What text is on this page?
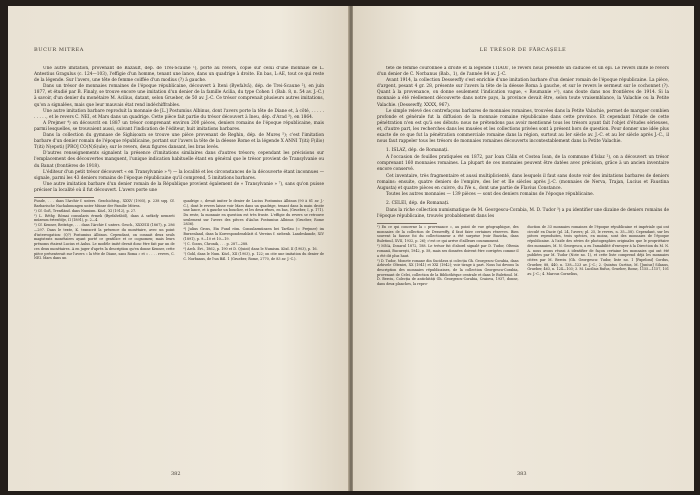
BUCUR MITREA

Une autre imitation, provenant de Bazault, dép. de Trei-Scaune ¹), porte au revers, copié sur celui d'une monnaie de L. Antestius Gragulus (c. 124—103), l'effigie d'un homme, tenant une lance, dans un quadrige à droite. En bas, L·AE, tout ce qui reste de la légende. Sur l'avers, une tête de femme coiffée d'un modius (?) à gauche.

Dans un trésor de monnaies romaines de l'époque républicaine, découvert à Iteni (Byefalvă), dép. de Trei-Scaune ²), en juin 1877, et étudié par B. Finaly, se trouve encore une imitation d'un denier de la famille Acilia, du type Cohen 1 (Bab. 8, n. 54 av. J.-C.) à savoir, d'un denier du monétaire M. Acilius, datant, selon Grueber, de 50 av. J.-C. Ce trésor comprenait plusieurs autres imitations, qu'on a signalées, mais que leur mauvais état rend indéchiffrables.

Une autre imitation barbare reproduit la monnaie de [L.] Postumius Albinus, dont l'avers porte la tête de Diane et, à côté, . . . . . . . . . ., et le revers C. NEI, et Mars dans un quadrige. Cette pièce fait partie du trésor découvert à Ineu, dép. d'Arad ³), en 1864.

A Prejmer ⁴) on découvrit en 1887 un trésor comprenant environ 200 pièces, deniers romains de l'époque républicaine, mais parmi lesquelles, se trouvaient aussi, suivant l'indication de l'éditeur, huit imitations barbares.

Dans la collection du gymnase de Sighișoara se trouve une pièce provenant de Reghin, dép. de Mureș ⁵); c'est l'imitation barbare d'un denier romain de l'époque républicaine, portant sur l'avers la tête de la déesse Rome et la légende X ANNI T(iti) F(ilio) T(iti) N(epoti) [PRO] CO(N)S(ule); sur le revers, deux figures dansant, les bras levés.

D'autres renseignements signalent la présence d'imitations similaires dans d'autres trésors; cependant les précisions sur l'emplacement des découvertes manquent, l'unique indication habituelle étant en général que le trésor provient de Transylvanie ou du Banat (frontières de 1918).

L'éditeur d'un petit trésor découvert « en Transylvanie » ⁶) — la localité et les circonstances de la découverte étant inconnues — signale, parmi les 43 deniers romains de l'époque républicaine qu'il comprend, 5 imitations barbares.

Une autre imitation barbare d'un denier romain de la République provient également de « Transylvanie » ⁷), sans qu'on puisse préciser la localité où il fut découvert. L'avers porte une

Funde, . . . dans l'Archiv f. unters. Geschichtsg., XXXV (1905), p. 238 sqq. Cf. Barbarische Nachahmungen unter Münze der Familie Mitrea.

¹) Cf. Goß, Trentländ. dans Numism. Közl., XI (1912), p. 27.

²) L. Réthy, Római consularis érmek (Byefalvából), dans A székely nemzeti múzeum értesítője, II (1891), p. 2—4.

³) Cf. Kenner, Beiträge, . . . dans l'Archiv f. unters. Gesch., XXXVIII (1867), p. 286—297. Dans le texte, K. transcrit la présence du monétaire, avec un point d'interrogation: (Q?) Postumius Albinus. Cependant, on connait deux seuls magistrats monétaires ayant porté ce gentilice et ce cognomen; mais leurs prénoms étaient Lucius et Aulus. Le modèle imité devait donc être fait par un de ces deux monétaires. A en juger d'après la description qu'en donne Kenner, cette pièce présenterait sur l'avers « la tête de Diane, sans Roma » et « . . . . revers, C. NEI. Mars dans un

quadrige », devait imiter le denier de Lucius Postumius Albinus (90 à 81 av. J.-C.), dont le revers laisse voir Mars dans un quadrige, tenant dans la main droite une lance, et à gauche un bouclier, et les deux rênes, en bas, (Grueber, I, p. 171). Du reste, la monnaie en question est très fruste. L'effigie du revers se retrouve seulement sur l'avers des pièces d'Aulus Postumius Albinus (Grueber, Rome 2836).

⁴) Julius Gross, Ein Fund röm. Consularmünzen bei Tartlau (= Prejmer) im Burzenland, dans la Korrespondenzblatt d. Vereins f. siebenb. Landeskunde, XIV (1891), p. 9—10 et 10—19.

⁵) C. Gooss, Chronik, . . . p. 287—288.

⁶) Arch. Ért., 1862, p. 190 et D. Q(uint) dans le Numism. Közl. II (1903), p. 16.

⁷) Gohl, dans le Num. Közl., XII (1903), p. 122; on cite une imitation du denier de C. Norbanus, de l'un Bâl. 1 (Grueber, Rome, 2770, de 83 av. J.-C.).

382
LE TRÉSOR DE FĂRCAȘELE

tête de femme couronnée à droite et la légende ΓΠΑΟΓ, le revers nous présente un caducée et un épi. Le revers imite le revers d'un denier de C. Norbanus (Bab., 1), de l'année 84 av. J.-C.

Avant 1914, la collection Dessewffy s'est enrichie d'une imitation barbare d'un denier romain de l'époque républicaine. La pièce, d'argent, pesant 4 gr. 28, présente sur l'avers la tête de la déesse Roma à gauche, et sur le revers le sermeut sur le cochonnet (?). Quant à la provenance, on donne seulement l'indication vague, « Roumanie »¹), sans doute dans nos frontières de 1914. Si la monnaie a été réellement découverte dans notre pays, la province devait être, selon toute vraisemblance, la Valachie ou la Petite Valachie. (Dessewffy, XXXX, 967).

Le simple relevé des contrefaçons barbares de monnaies romaines, trouvées dans la Petite Valachie, permet de marquer combien profonde et générale fut la diffusion de la monnaie romaine républicaine dans cette province. Et cependant l'étude de cette pénétration n'en est qu'à ses débuts: nous ne prétendons pas avoir mentionné tous les trésors ayant fait l'objet d'études sérieuses, et, d'autre part, les recherches dans les musées et les collections privées sont à présent hors de question. Pour donner une idée plus exacte de ce que fut la pénétration commerciale romaine dans la région, surtout au Ier siècle av. J.-C. et au Ier siècle après J.-C., il nous faut rappeler tous les trésors de monnaies romaines découverts incontestablement dans la Petite Valachie.

1. ISLAZ, dép. de Romanați.

A l'occasion de fouilles pratiquées en 1872, par Ioan Câlin et Costea Ioan, de la commune d'Islaz ²), on a découvert un trésor comprenant 160 monnaies romaines. La plupart de ces monnaies peuvent être datées avec précision, grâce à un ancien inventaire encore conservé.

Cet inventaire, très fragmentaire et aussi multiplicienté, dans lesquels il faut sans doute voir des imitations barbares de deniers romains: ensuite, quatre deniers de l'empire, des Ier et IIe siècles après J.-C. (monnaies de Nerva, Trajan, Lucius et Faustina Augusta) et quatre pièces en cuivre, du IVe s., dont une partie de Flavius Constance.

Toutes les autres monnaies — 139 pièces — sont des deniers romains de l'époque républicaine.

2. CELEI, dép. de Romanați.

Dans la riche collection numismatique de M. Georgescu-Corabia, M. D. Tudor ³) a pu identifier une dizaine de deniers romains de l'époque républicaine, trouvés probablement dans les

¹) En ce qui concerne la « provenance », au point de vue géographique, des monnaies de la collection de Dessewffy, il faut faire certaines réserves. Bien souvent la fausse foi du collectionneur a été surprise (voir Buzicka, dans Buletinul, XVII, 1932, p. 26); c'est ce qui arrive d'ailleurs couramment.

²) MNA, Dosarul 1872, 188. Le trésor fut d'abord signalé par D. Tudor, Oltenia romană, Bucureşti, 1942, p. 58, mais ses données doivent être corrigées comme il a été dit plus haut.

³) D. Tudor, Monete romane din Sucidava și colecția Gh. Georgescu-Corabia, dans Arhivele Olteniei, XX (1941) et XXI (1942); voir tirage à part. Nous lui devons la description des monnaies républicaines, de la collection Georgescu-Corabia, provenant de Celei, collection de la Bibliothèque centrale et dans le Buletinul. M. D. Berciu, Colecția de antichități Gh. Georgescu-Corabia, Craiova, 1937, donne, dans deux planches, la repro-

duction de 33 monnaies romaines de l'époque républicaine et impériale qui ont circulé en Dacie (pl. 24, l'avers; pl. 25, le revers, n. 35—58). Cependant, sur les pièces reproduites, trois spécies, en moins, sont des monnaies de l'époque républicaine. A l'aide des séries de photographies originales que le propriétaire des monnaies, M. N. Georgescu, a eu l'amabilité d'envoyer à la Direction du M. N. A. nous avons réussi à identifier de façon certaine les monnaies qui ont été publiées par M. Tudor (Note no. 1), et cette liste comprend déjà les monnaies citées par M. Berciu (Gh. Georgescu: Tudor, liste no. 1 [Papeloni] Cordus, Grueber, 88, 440, n. 138—123 av. J.-C.; 2. Quintus Curtius, M. [Junius] Silanus, Grueber, 463, n. 124—103; 3. M. Lucilius Rufus, Grueber, Rome, 1155—1157, 101 av. J.-C.; 4. Marcus Cornelius,

383
